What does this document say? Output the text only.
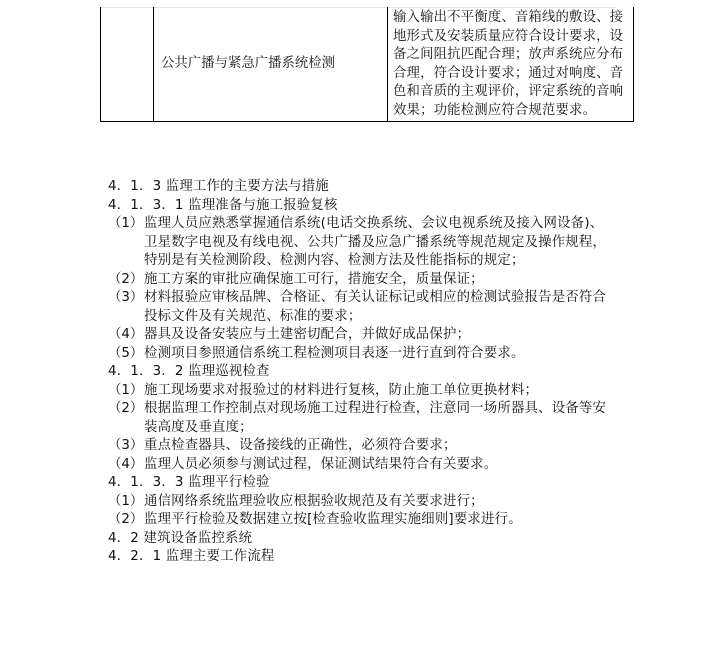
	公共广播与紧急广播系统检测	输入输出不平衡度、音箱线的敷设、接地形式及安装质量应符合设计要求，设备之间阻抗匹配合理；放声系统应分布合理，符合设计要求；通过对响度、音色和音质的主观评价，评定系统的音响效果；功能检测应符合规范要求。
4．1．3 监理工作的主要方法与措施
4．1．3．1 监理准备与施工报验复核
（1） 监理人员应熟悉掌握通信系统(电话交换系统、会议电视系统及接入网设备)、卫星数字电视及有线电视、公共广播及应急广播系统等规范规定及操作规程，特别是有关检测阶段、检测内容、检测方法及性能指标的规定；
（2） 施工方案的审批应确保施工可行，措施安全，质量保证；
（3） 材料报验应审核品牌、合格证、有关认证标记或相应的检测试验报告是否符合投标文件及有关规范、标准的要求；
（4） 器具及设备安装应与土建密切配合，并做好成品保护；
（5） 检测项目参照通信系统工程检测项目表逐一进行直到符合要求。
4．1．3．2 监理巡视检查
（1） 施工现场要求对报验过的材料进行复核，防止施工单位更换材料；
（2） 根据监理工作控制点对现场施工过程进行检查，注意同一场所器具、设备等安装高度及垂直度；
（3） 重点检查器具、设备接线的正确性，必须符合要求；
（4） 监理人员必须参与测试过程，保证测试结果符合有关要求。
4．1．3．3 监理平行检验
（1） 通信网络系统监理验收应根据验收规范及有关要求进行；
（2） 监理平行检验及数据建立按[检查验收监理实施细则]要求进行。
4．2 建筑设备监控系统
4．2．1 监理主要工作流程
